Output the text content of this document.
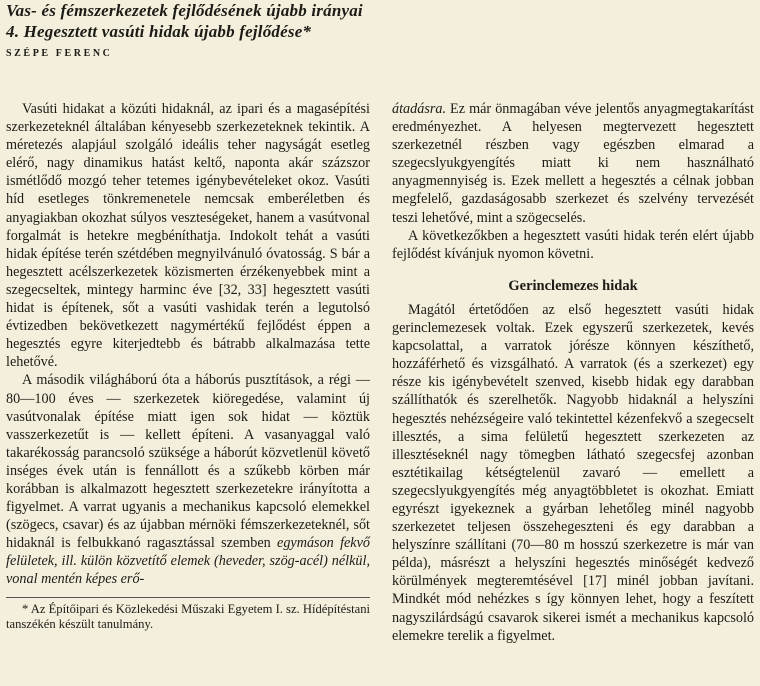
Vas- és fémszerkezetek fejlődésének újabb irányai
4. Hegesztett vasúti hidak újabb fejlődése*
SZÉPE FERENC

Vasúti hidakat a közúti hidaknál, az ipari és a magasépítési szerkezeteknél általában kényesebb szerkezeteknek tekintik. A méretezés alapjául szolgáló ideális teher nagyságát esetleg elérő, nagy dinamikus hatást keltő, naponta akár százszor ismétlődő mozgó teher tetemes igénybevételeket okoz. Vasúti híd esetleges tönkremenetele nemcsak emberéletben és anyagiakban okozhat súlyos veszteségeket, hanem a vasútvonal forgalmát is hetekre megbéníthatja. Indokolt tehát a vasúti hidak építése terén szétdében megnyilvánuló óvatosság. S bár a hegesztett acélszerkezetek közismerten érzékenyebbek mint a szegecseltek, mintegy harminc éve [32, 33] hegesztett vasúti hidat is építenek, sőt a vasúti vashidak terén a legutolsó évtizedben bekövetkezett nagymértékű fejlődést éppen a hegesztés egyre kiterjedtebb és bátrabb alkalmazása tette lehetővé.

A második világháború óta a háborús pusztítások, a régi — 80—100 éves — szerkezetek kiöregedése, valamint új vasútvonalak építése miatt igen sok hidat — köztük vasszerkezetűt is — kellett építeni. A vasanyaggal való takarékosság parancsoló szüksége a háborút közvetlenül követő inséges évek után is fennállott és a szűkebb körben már korábban is alkalmazott hegesztett szerkezetekre irányította a figyelmet. A varrat ugyanis a mechanikus kapcsoló elemekkel (szögecs, csavar) és az újabban mérnöki fémszerkezeteknél, sőt hidaknál is felbukkanó ragasztással szemben egymáson fekvő felületek, ill. külön közvetítő elemek (heveder, szög-acél) nélkül, vonal mentén képes erő-

* Az Építőipari és Közlekedési Műszaki Egyetem I. sz. Hídépítéstani tanszékén készült tanulmány.

átadásra. Ez már önmagában véve jelentős anyagmegtakarítást eredményezhet. A helyesen megtervezett hegesztett szerkezetnél részben vagy egészben elmarad a szegecslyukgyengítés miatt ki nem használható anyagmennyiség is. Ezek mellett a hegesztés a célnak jobban megfelelő, gazdaságosabb szerkezet és szelvény tervezését teszi lehetővé, mint a szögecselés.

A következőkben a hegesztett vasúti hidak terén elért újabb fejlődést kívánjuk nyomon követni.

Gerinclemezes hidak

Magától értetődően az első hegesztett vasúti hidak gerinclemezesek voltak. Ezek egyszerű szerkezetek, kevés kapcsolattal, a varratok jórésze könnyen készíthető, hozzáférhető és vizsgálható. A varratok (és a szerkezet) egy része kis igénybevételt szenved, kisebb hidak egy darabban szállíthatók és szerelhetők. Nagyobb hidaknál a helyszíni hegesztés nehézségeire való tekintettel kézenfekvő a szegecselt illesztés, a sima felületű hegesztett szerkezeten az illesztéseknél nagy tömegben látható szegecsfej azonban esztétikailag kétségtelenül zavaró — emellett a szegecslyukgyengítés még anyagtöbbletet is okozhat. Emiatt egyrészt igyekeznek a gyárban lehetőleg minél nagyobb szerkezetet teljesen összehegeszteni és egy darabban a helyszínre szállítani (70—80 m hosszú szerkezetre is már van példa), másrészt a helyszíni hegesztés minőségét kedvező körülmények megteremtésével [17] minél jobban javítani. Mindkét mód nehézkes s így könnyen lehet, hogy a feszített nagyszilárdságú csavarok sikerei ismét a mechanikus kapcsoló elemekre terelik a figyelmet.
